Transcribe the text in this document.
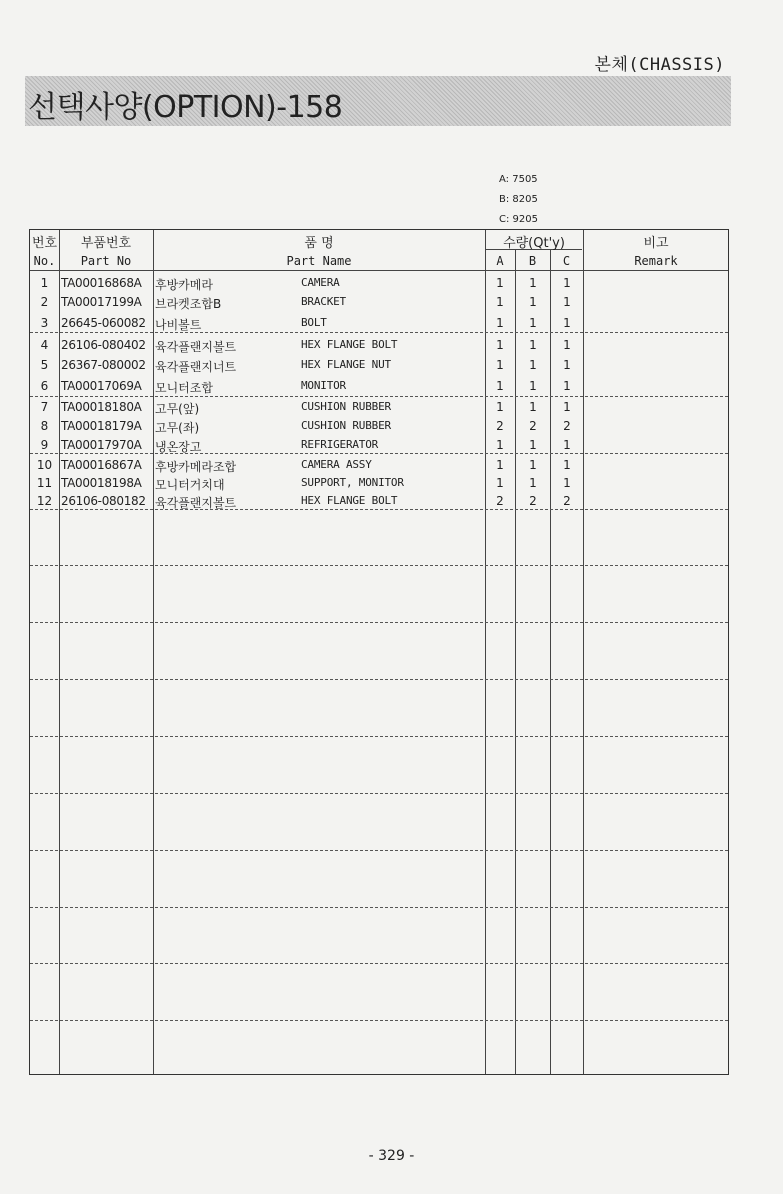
본체(CHASSIS)
선택사양(OPTION)-158
A: 7505
B: 8205
C: 9205
번호
No.
부품번호
Part No
품 명
Part Name
수량(Qt'y)
A	B	C
비고
Remark
1	TA00016868A 후방카메라	CAMERA	1	1	1
2	TA00017199A 브라켓조합B	BRACKET	1	1	1
3	26645-060082 나비볼트	BOLT	1	1	1
4	26106-080402 육각플랜지볼트	HEX FLANGE BOLT	1	1	1
5	26367-080002 육각플랜지너트	HEX FLANGE NUT	1	1	1
6	TA00017069A 모니터조합	MONITOR	1	1	1
7	TA00018180A 고무(앞)	CUSHION RUBBER	1	1	1
8	TA00018179A 고무(좌)	CUSHION RUBBER	2	2	2
9	TA00017970A 냉온장고	REFRIGERATOR	1	1	1
10 TA00016867A 후방카메라조합	CAMERA ASSY	1	1	1
11 TA00018198A 모니터거치대	SUPPORT, MONITOR	1	1	1
12 26106-080182 육각플랜지볼트	HEX FLANGE BOLT	2	2	2
- 329 -
